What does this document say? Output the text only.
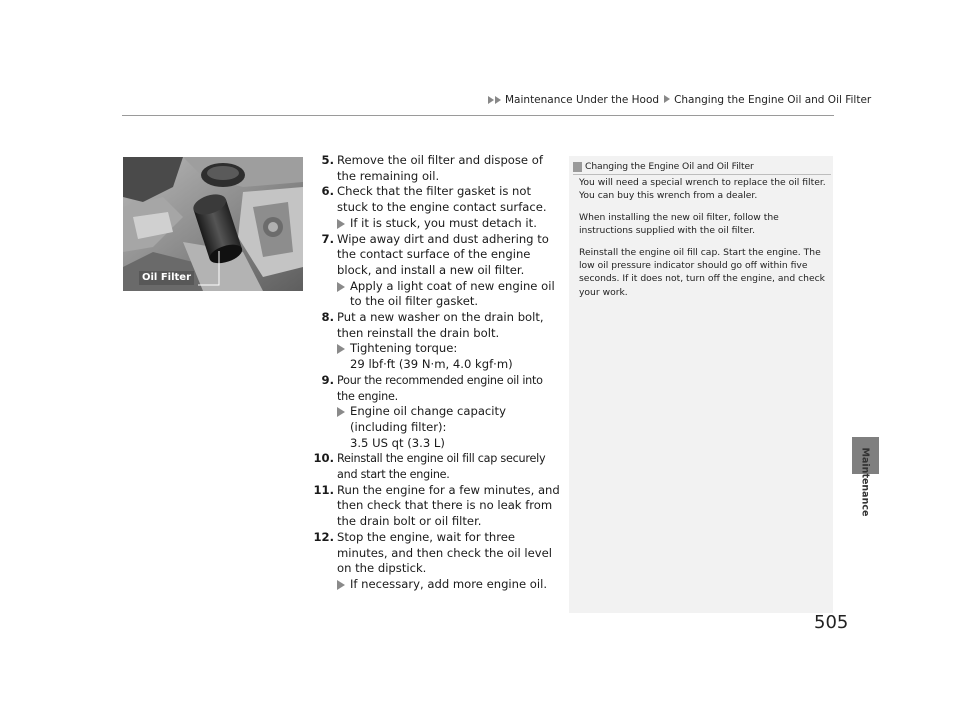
Maintenance Under the Hood Changing the Engine Oil and Oil Filter
Maintenance
Oil Filter
5. Remove the oil filter and dispose of the remaining oil.
6. Check that the filter gasket is not stuck to the engine contact surface.
If it is stuck, you must detach it.
7. Wipe away dirt and dust adhering to the contact surface of the engine block, and install a new oil filter.
Apply a light coat of new engine oil to the oil filter gasket.
8. Put a new washer on the drain bolt, then reinstall the drain bolt.
Tightening torque:
29 lbf·ft (39 N·m, 4.0 kgf·m)
9. Pour the recommended engine oil into the engine.
Engine oil change capacity (including filter):
3.5 US qt (3.3 L)
10. Reinstall the engine oil fill cap securely and start the engine.
11. Run the engine for a few minutes, and then check that there is no leak from the drain bolt or oil filter.
12. Stop the engine, wait for three minutes, and then check the oil level on the dipstick.
If necessary, add more engine oil.
Changing the Engine Oil and Oil Filter

You will need a special wrench to replace the oil filter. You can buy this wrench from a dealer.

When installing the new oil filter, follow the instructions supplied with the oil filter.

Reinstall the engine oil fill cap. Start the engine. The low oil pressure indicator should go off within five seconds. If it does not, turn off the engine, and check your work.

505
